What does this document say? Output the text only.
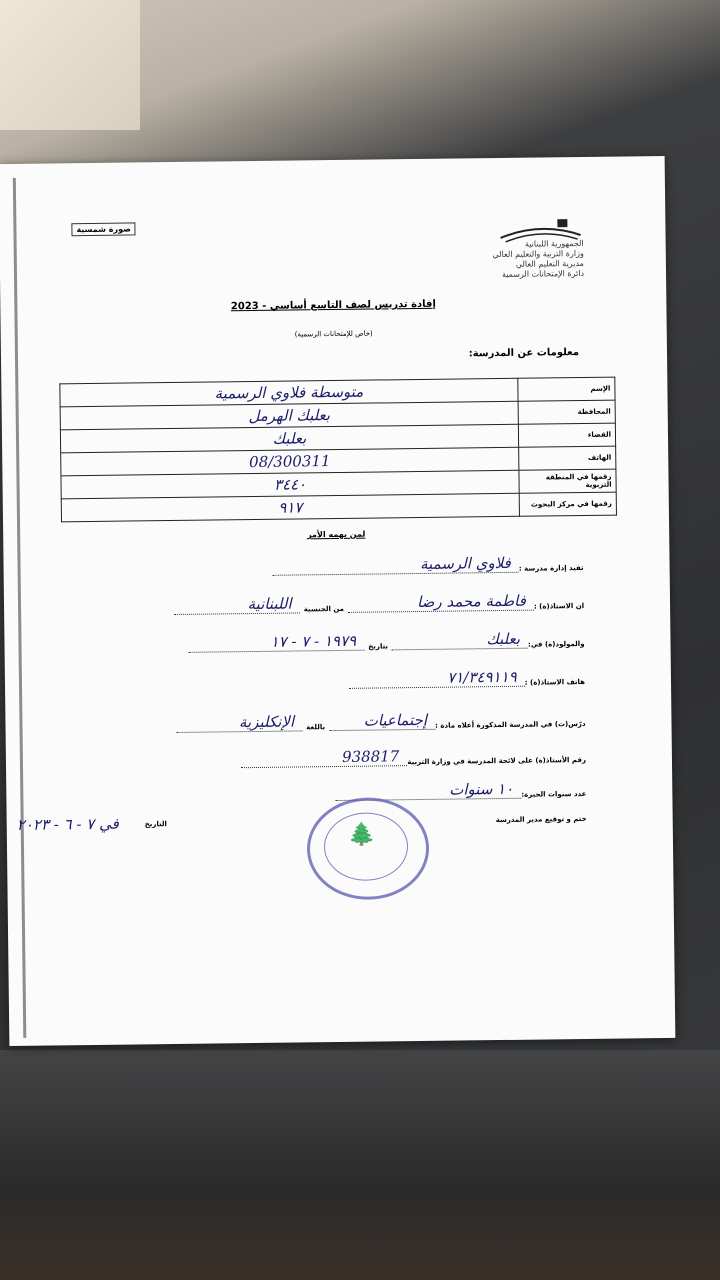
صورة شمسية
الجمهورية اللبنانية
وزارة التربية والتعليم العالي
مديرية التعليم العالي
دائرة الإمتحانات الرسمية
إفادة تدريس لصف التاسع أساسي - 2023
(خاص للإمتحانات الرسمية)
معلومات عن المدرسة:
الإسم	متوسطة فلاوي الرسمية
المحافظة	بعلبك الهرمل
القضاء	بعلبك
الهاتف	08/300311
رقمها في المنطقة التربوية	٣٤٤٠
رقمها في مركز البحوث	٩١٧
لمن يهمه الأمر
تفيد إدارة مدرسة :
فلاوي الرسمية
ان الاستاذ(ة) :
فاطمة محمد رضا
من الجنسية
اللبنانية
والمولود(ة) في:
بعلبك
بتاريخ
١٩٧٩ - ٧ - ١٧
هاتف الاستاذ(ة) :
٧١/٣٤٩١١٩
درّس(ت) في المدرسة المذكورة أعلاه مادة :
إجتماعيات
باللغة
الإنكليزية
رقم الأستاذ(ة) على لائحة المدرسة في وزارة التربية
938817
عدد سنوات الخبرة:
١٠ سنوات
ختم و توقيع مدير المدرسة
🌲
التاريخ
في ٧ - ٦ - ٢٠٢٣
